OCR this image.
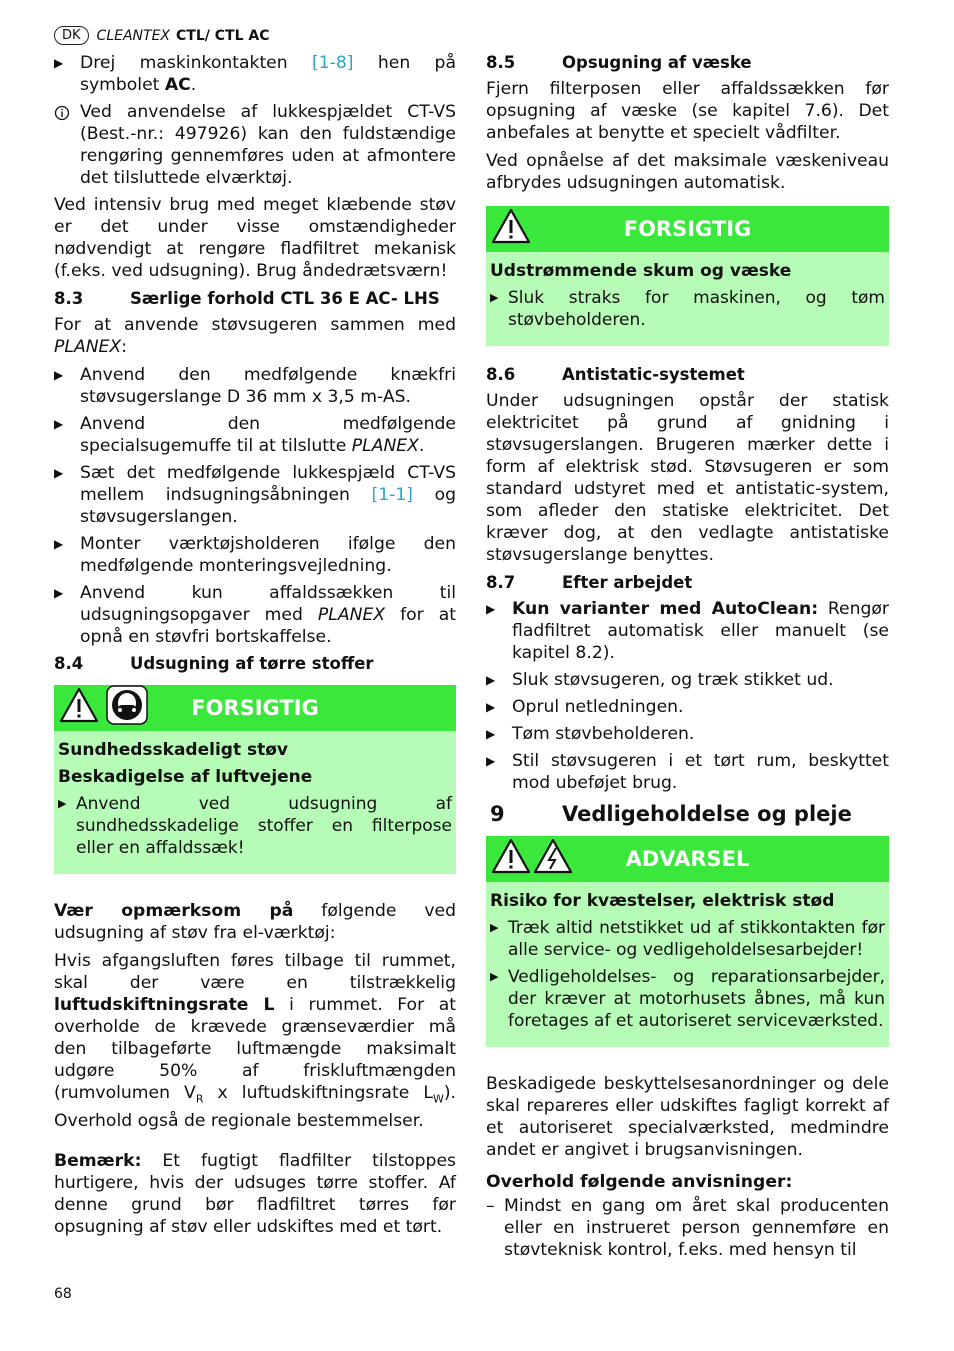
DK	CLEANTEX CTL/ CTL AC
▶ Drej maskinkontakten [1-8] hen på symbolet AC.
Ved anvendelse af lukkespjældet CT-VS (Best.-nr.: 497926) kan den fuldstændige rengøring gennemføres uden at afmontere det tilsluttede elværktøj.

Ved intensiv brug med meget klæbende støv er det under visse omstændigheder nødvendigt at rengøre fladfiltret mekanisk (f.eks. ved udsugning). Brug åndedrætsværn!

8.3	Særlige forhold CTL 36 E AC- LHS

For at anvende støvsugeren sammen med PLANEX:

▶ Anvend den medfølgende knækfri støvsugerslange D 36 mm x 3,5 m-AS.
▶ Anvend den medfølgende specialsugemuffe til at tilslutte PLANEX.
▶ Sæt det medfølgende lukkespjæld CT-VS mellem indsugningsåbningen [1-1] og støvsugerslangen.
▶ Monter værktøjsholderen ifølge den medfølgende monteringsvejledning.
▶ Anvend kun affaldssækken til udsugningsopgaver med PLANEX for at opnå en støvfri bortskaffelse.
8.4	Udsugning af tørre stoffer
FORSIGTIG
Sundhedsskadeligt støv
Beskadigelse af luftvejene
▶ Anvend ved udsugning af sundhedsskadelige stoffer en filterpose eller en affaldssæk!

Vær opmærksom på følgende ved udsugning af støv fra el-værktøj:

Hvis afgangsluften føres tilbage til rummet, skal der være en tilstrækkelig luftudskiftningsrate L i rummet. For at overholde de krævede grænseværdier må den tilbageførte luftmængde maksimalt udgøre 50% af friskluftmængden (rumvolumen $V_R$ x luftudskiftningsrate $L_W$). Overhold også de regionale bestemmelser.

Bemærk: Et fugtigt fladfilter tilstoppes hurtigere, hvis der udsuges tørre stoffer. Af denne grund bør fladfiltret tørres før opsugning af støv eller udskiftes med et tørt.

8.5	Opsugning af væske

Fjern filterposen eller affaldssækken før opsugning af væske (se kapitel 7.6). Det anbefales at benytte et specielt vådfilter.

Ved opnåelse af det maksimale væskeniveau afbrydes udsugningen automatisk.

FORSIGTIG
Udstrømmende skum og væske
▶ Sluk straks for maskinen, og tøm støvbeholderen.
8.6	Antistatic-systemet

Under udsugningen opstår der statisk elektricitet på grund af gnidning i støvsugerslangen. Brugeren mærker dette i form af elektrisk stød. Støvsugeren er som standard udstyret med et antistatic-system, som afleder den statiske elektricitet. Det kræver dog, at den vedlagte antistatiske støvsugerslange benyttes.

8.7	Efter arbejdet
▶ Kun varianter med AutoClean: Rengør fladfiltret automatisk eller manuelt (se kapitel 8.2).
▶ Sluk støvsugeren, og træk stikket ud.
▶ Oprul netledningen.
▶ Tøm støvbeholderen.
▶ Stil støvsugeren i et tørt rum, beskyttet mod ubeføjet brug.
9	Vedligeholdelse og pleje
ADVARSEL
Risiko for kvæstelser, elektrisk stød
▶ Træk altid netstikket ud af stikkontakten før alle service- og vedligeholdelsesarbejder!
▶ Vedligeholdelses- og reparationsarbejder, der kræver at motorhusets åbnes, må kun foretages af et autoriseret serviceværksted.

Beskadigede beskyttelsesanordninger og dele skal repareres eller udskiftes fagligt korrekt af et autoriseret specialværksted, medmindre andet er angivet i brugsanvisningen.

Overhold følgende anvisninger:

– Mindst en gang om året skal producenten eller en instrueret person gennemføre en støvteknisk kontrol, f.eks. med hensyn til
68
